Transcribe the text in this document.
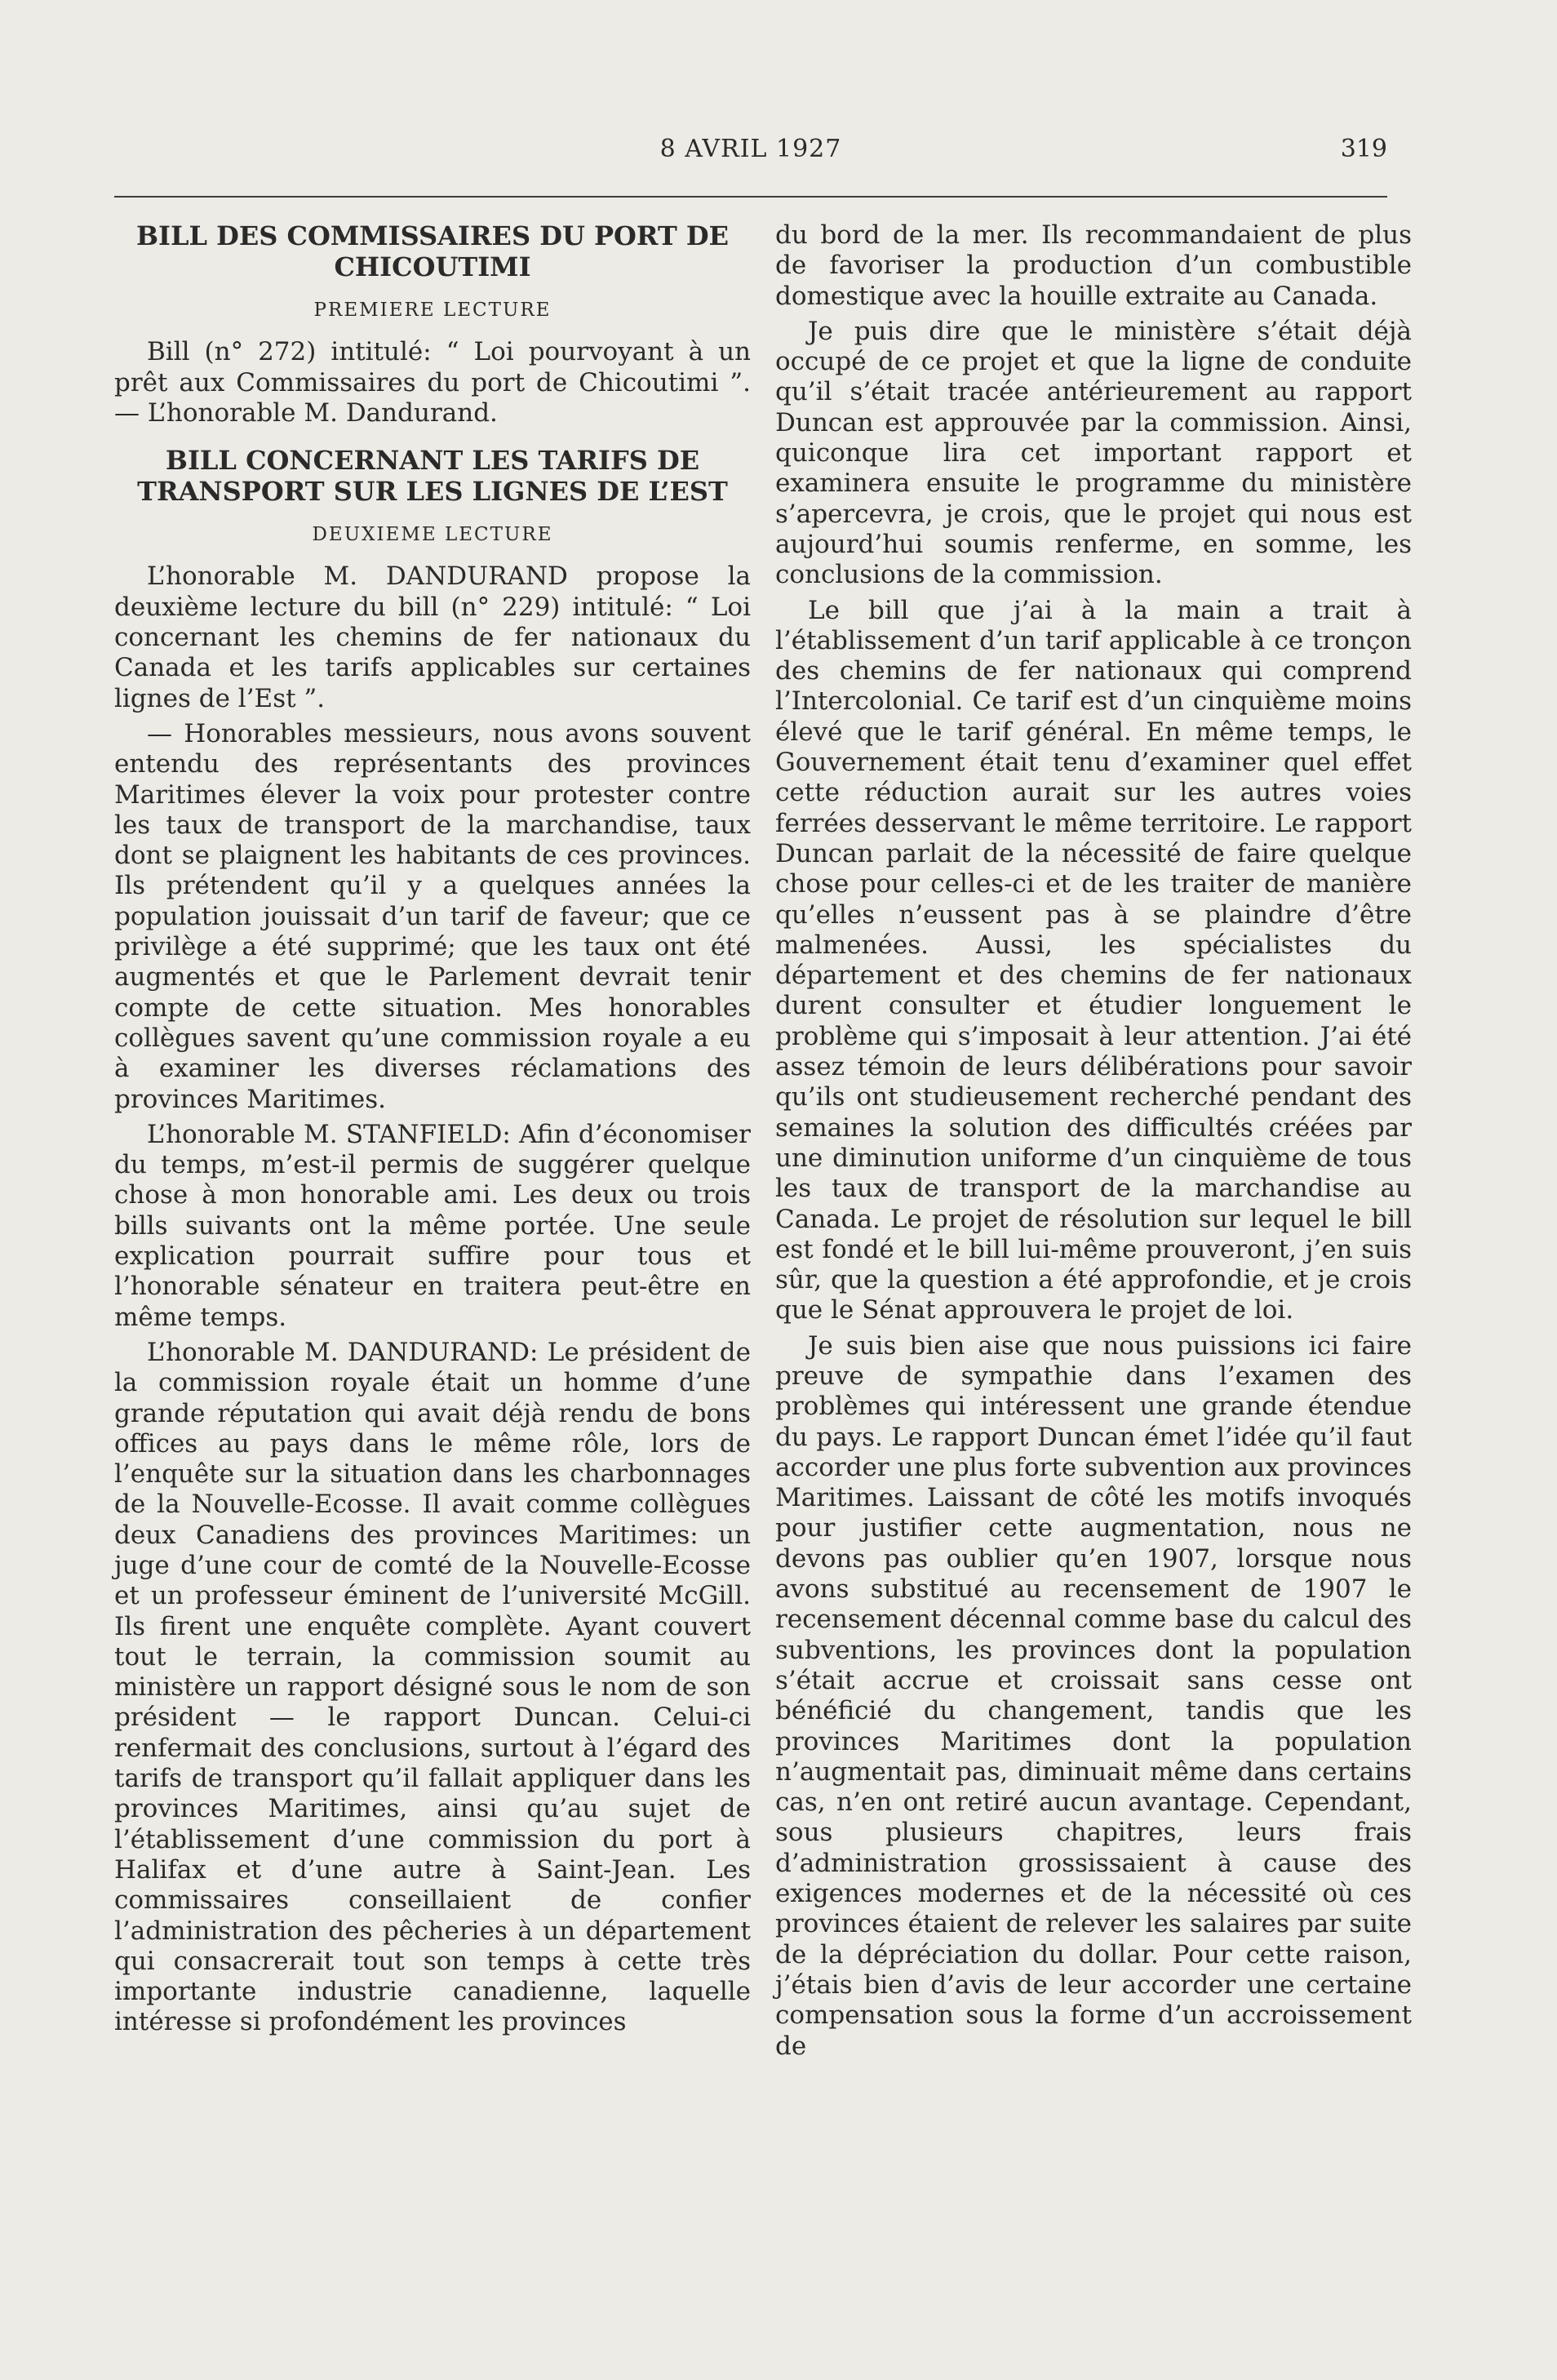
8 AVRIL 1927	319
BILL DES COMMISSAIRES DU PORT DE CHICOUTIMI
PREMIERE LECTURE

Bill (n° 272) intitulé: “ Loi pourvoyant à un prêt aux Commissaires du port de Chicoutimi ”. — L’honorable M. Dandurand.

BILL CONCERNANT LES TARIFS DE TRANSPORT SUR LES LIGNES DE L’EST
DEUXIEME LECTURE

L’honorable M. DANDURAND propose la deuxième lecture du bill (n° 229) intitulé: “ Loi concernant les chemins de fer nationaux du Canada et les tarifs applicables sur certaines lignes de l’Est ”.

— Honorables messieurs, nous avons souvent entendu des représentants des provinces Maritimes élever la voix pour protester contre les taux de transport de la marchandise, taux dont se plaignent les habitants de ces provinces. Ils prétendent qu’il y a quelques années la population jouissait d’un tarif de faveur; que ce privilège a été supprimé; que les taux ont été augmentés et que le Parlement devrait tenir compte de cette situation. Mes honorables collègues savent qu’une commission royale a eu à examiner les diverses réclamations des provinces Maritimes.

L’honorable M. STANFIELD: Afin d’économiser du temps, m’est-il permis de suggérer quelque chose à mon honorable ami. Les deux ou trois bills suivants ont la même portée. Une seule explication pourrait suffire pour tous et l’honorable sénateur en traitera peut-être en même temps.

L’honorable M. DANDURAND: Le président de la commission royale était un homme d’une grande réputation qui avait déjà rendu de bons offices au pays dans le même rôle, lors de l’enquête sur la situation dans les charbonnages de la Nouvelle-Ecosse. Il avait comme collègues deux Canadiens des provinces Maritimes: un juge d’une cour de comté de la Nouvelle-Ecosse et un professeur éminent de l’université McGill. Ils firent une enquête complète. Ayant couvert tout le terrain, la commission soumit au ministère un rapport désigné sous le nom de son président — le rapport Duncan. Celui-ci renfermait des conclusions, surtout à l’égard des tarifs de transport qu’il fallait appliquer dans les provinces Maritimes, ainsi qu’au sujet de l’établissement d’une commission du port à Halifax et d’une autre à Saint-Jean. Les commissaires conseillaient de confier l’administration des pêcheries à un département qui consacrerait tout son temps à cette très importante industrie canadienne, laquelle intéresse si profondément les provinces

du bord de la mer. Ils recommandaient de plus de favoriser la production d’un combustible domestique avec la houille extraite au Canada.

Je puis dire que le ministère s’était déjà occupé de ce projet et que la ligne de conduite qu’il s’était tracée antérieurement au rapport Duncan est approuvée par la commission. Ainsi, quiconque lira cet important rapport et examinera ensuite le programme du ministère s’apercevra, je crois, que le projet qui nous est aujourd’hui soumis renferme, en somme, les conclusions de la commission.

Le bill que j’ai à la main a trait à l’établissement d’un tarif applicable à ce tronçon des chemins de fer nationaux qui comprend l’Intercolonial. Ce tarif est d’un cinquième moins élevé que le tarif général. En même temps, le Gouvernement était tenu d’examiner quel effet cette réduction aurait sur les autres voies ferrées desservant le même territoire. Le rapport Duncan parlait de la nécessité de faire quelque chose pour celles-ci et de les traiter de manière qu’elles n’eussent pas à se plaindre d’être malmenées. Aussi, les spécialistes du département et des chemins de fer nationaux durent consulter et étudier longuement le problème qui s’imposait à leur attention. J’ai été assez témoin de leurs délibérations pour savoir qu’ils ont studieusement recherché pendant des semaines la solution des difficultés créées par une diminution uniforme d’un cinquième de tous les taux de transport de la marchandise au Canada. Le projet de résolution sur lequel le bill est fondé et le bill lui-même prouveront, j’en suis sûr, que la question a été approfondie, et je crois que le Sénat approuvera le projet de loi.

Je suis bien aise que nous puissions ici faire preuve de sympathie dans l’examen des problèmes qui intéressent une grande étendue du pays. Le rapport Duncan émet l’idée qu’il faut accorder une plus forte subvention aux provinces Maritimes. Laissant de côté les motifs invoqués pour justifier cette augmentation, nous ne devons pas oublier qu’en 1907, lorsque nous avons substitué au recensement de 1907 le recensement décennal comme base du calcul des subventions, les provinces dont la population s’était accrue et croissait sans cesse ont bénéficié du changement, tandis que les provinces Maritimes dont la population n’augmentait pas, diminuait même dans certains cas, n’en ont retiré aucun avantage. Cependant, sous plusieurs chapitres, leurs frais d’administration grossissaient à cause des exigences modernes et de la nécessité où ces provinces étaient de relever les salaires par suite de la dépréciation du dollar. Pour cette raison, j’étais bien d’avis de leur accorder une certaine compensation sous la forme d’un accroissement de
